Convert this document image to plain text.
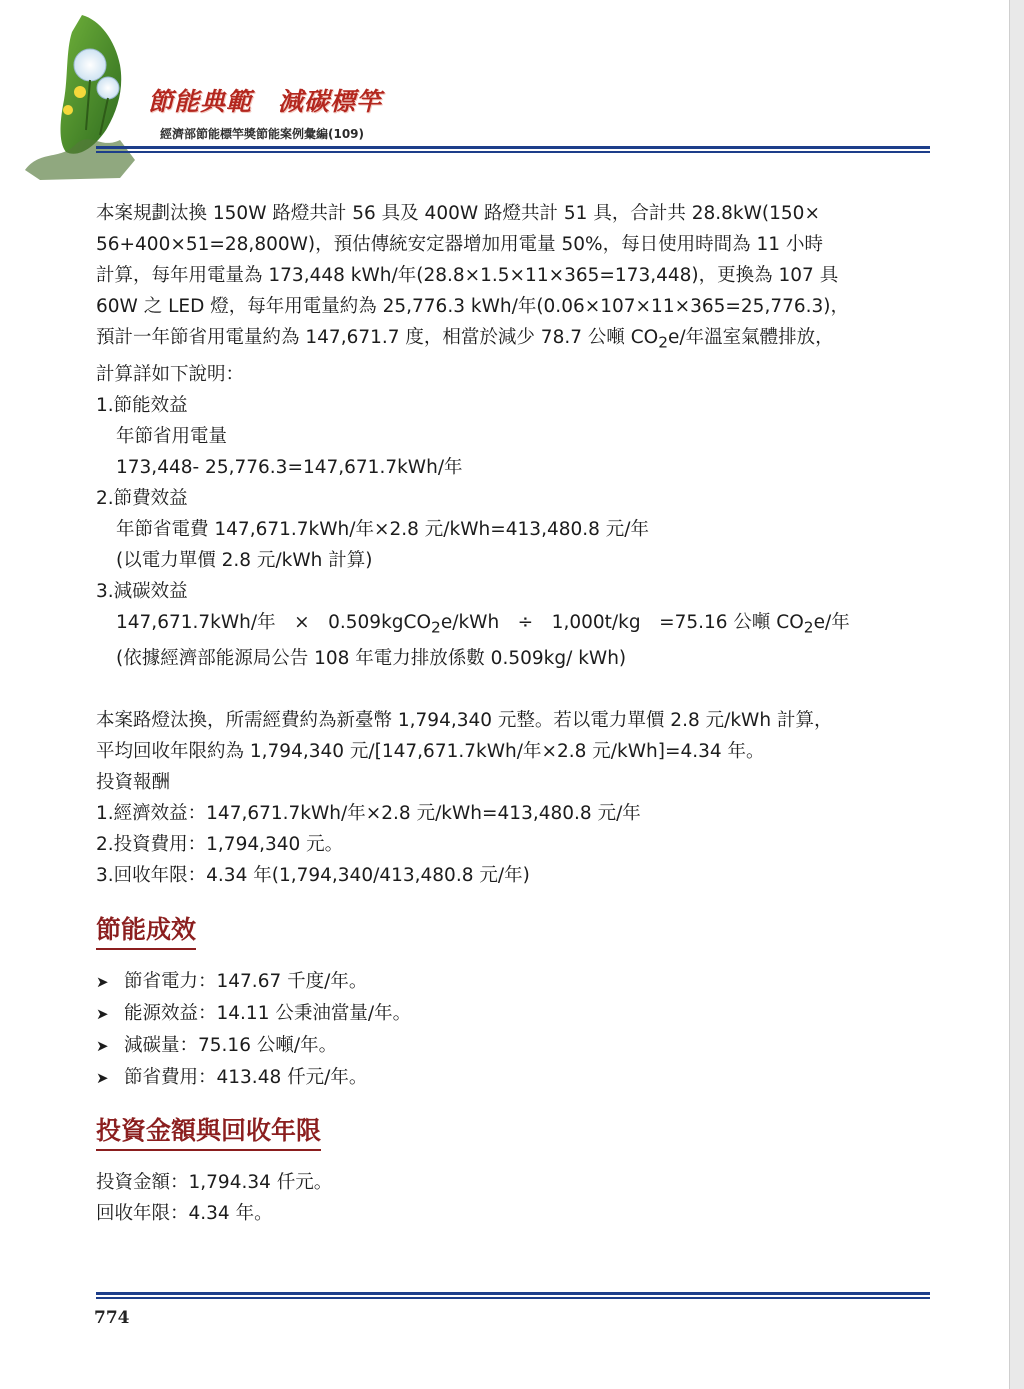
節能典範　減碳標竿
經濟部節能標竿獎節能案例彙編(109)

本案規劃汰換 150W 路燈共計 56 具及 400W 路燈共計 51 具，合計共 28.8kW(150×

56+400×51=28,800W)，預估傳統安定器增加用電量 50%，每日使用時間為 11 小時

計算，每年用電量為 173,448 kWh/年(28.8×1.5×11×365=173,448)，更換為 107 具

60W 之 LED 燈，每年用電量約為 25,776.3 kWh/年(0.06×107×11×365=25,776.3)，

預計一年節省用電量約為 147,671.7 度，相當於減少 78.7 公噸 $CO_2e/$年溫室氣體排放，

計算詳如下說明：

1.節能效益

年節省用電量

173,448- 25,776.3=147,671.7kWh/年

2.節費效益

年節省電費 147,671.7kWh/年×2.8 元/kWh=413,480.8 元/年

(以電力單價 2.8 元/kWh 計算)

3.減碳效益

147,671.7kWh/年　×　0.509kgCO$_2$e/kWh　÷　1,000t/kg　=75.16 公噸 $CO_2e/$年

(依據經濟部能源局公告 108 年電力排放係數 0.509kg/ kWh)

本案路燈汰換，所需經費約為新臺幣 1,794,340 元整。若以電力單價 2.8 元/kWh 計算，

平均回收年限約為 1,794,340 元/[147,671.7kWh/年×2.8 元/kWh]=4.34 年。

投資報酬

1.經濟效益：147,671.7kWh/年×2.8 元/kWh=413,480.8 元/年

2.投資費用：1,794,340 元。

3.回收年限：4.34 年(1,794,340/413,480.8 元/年)

節能成效

➤ 節省電力：147.67 千度/年。

➤ 能源效益：14.11 公秉油當量/年。

➤ 減碳量：75.16 公噸/年。

➤ 節省費用：413.48 仟元/年。

投資金額與回收年限

投資金額：1,794.34 仟元。

回收年限：4.34 年。

774
